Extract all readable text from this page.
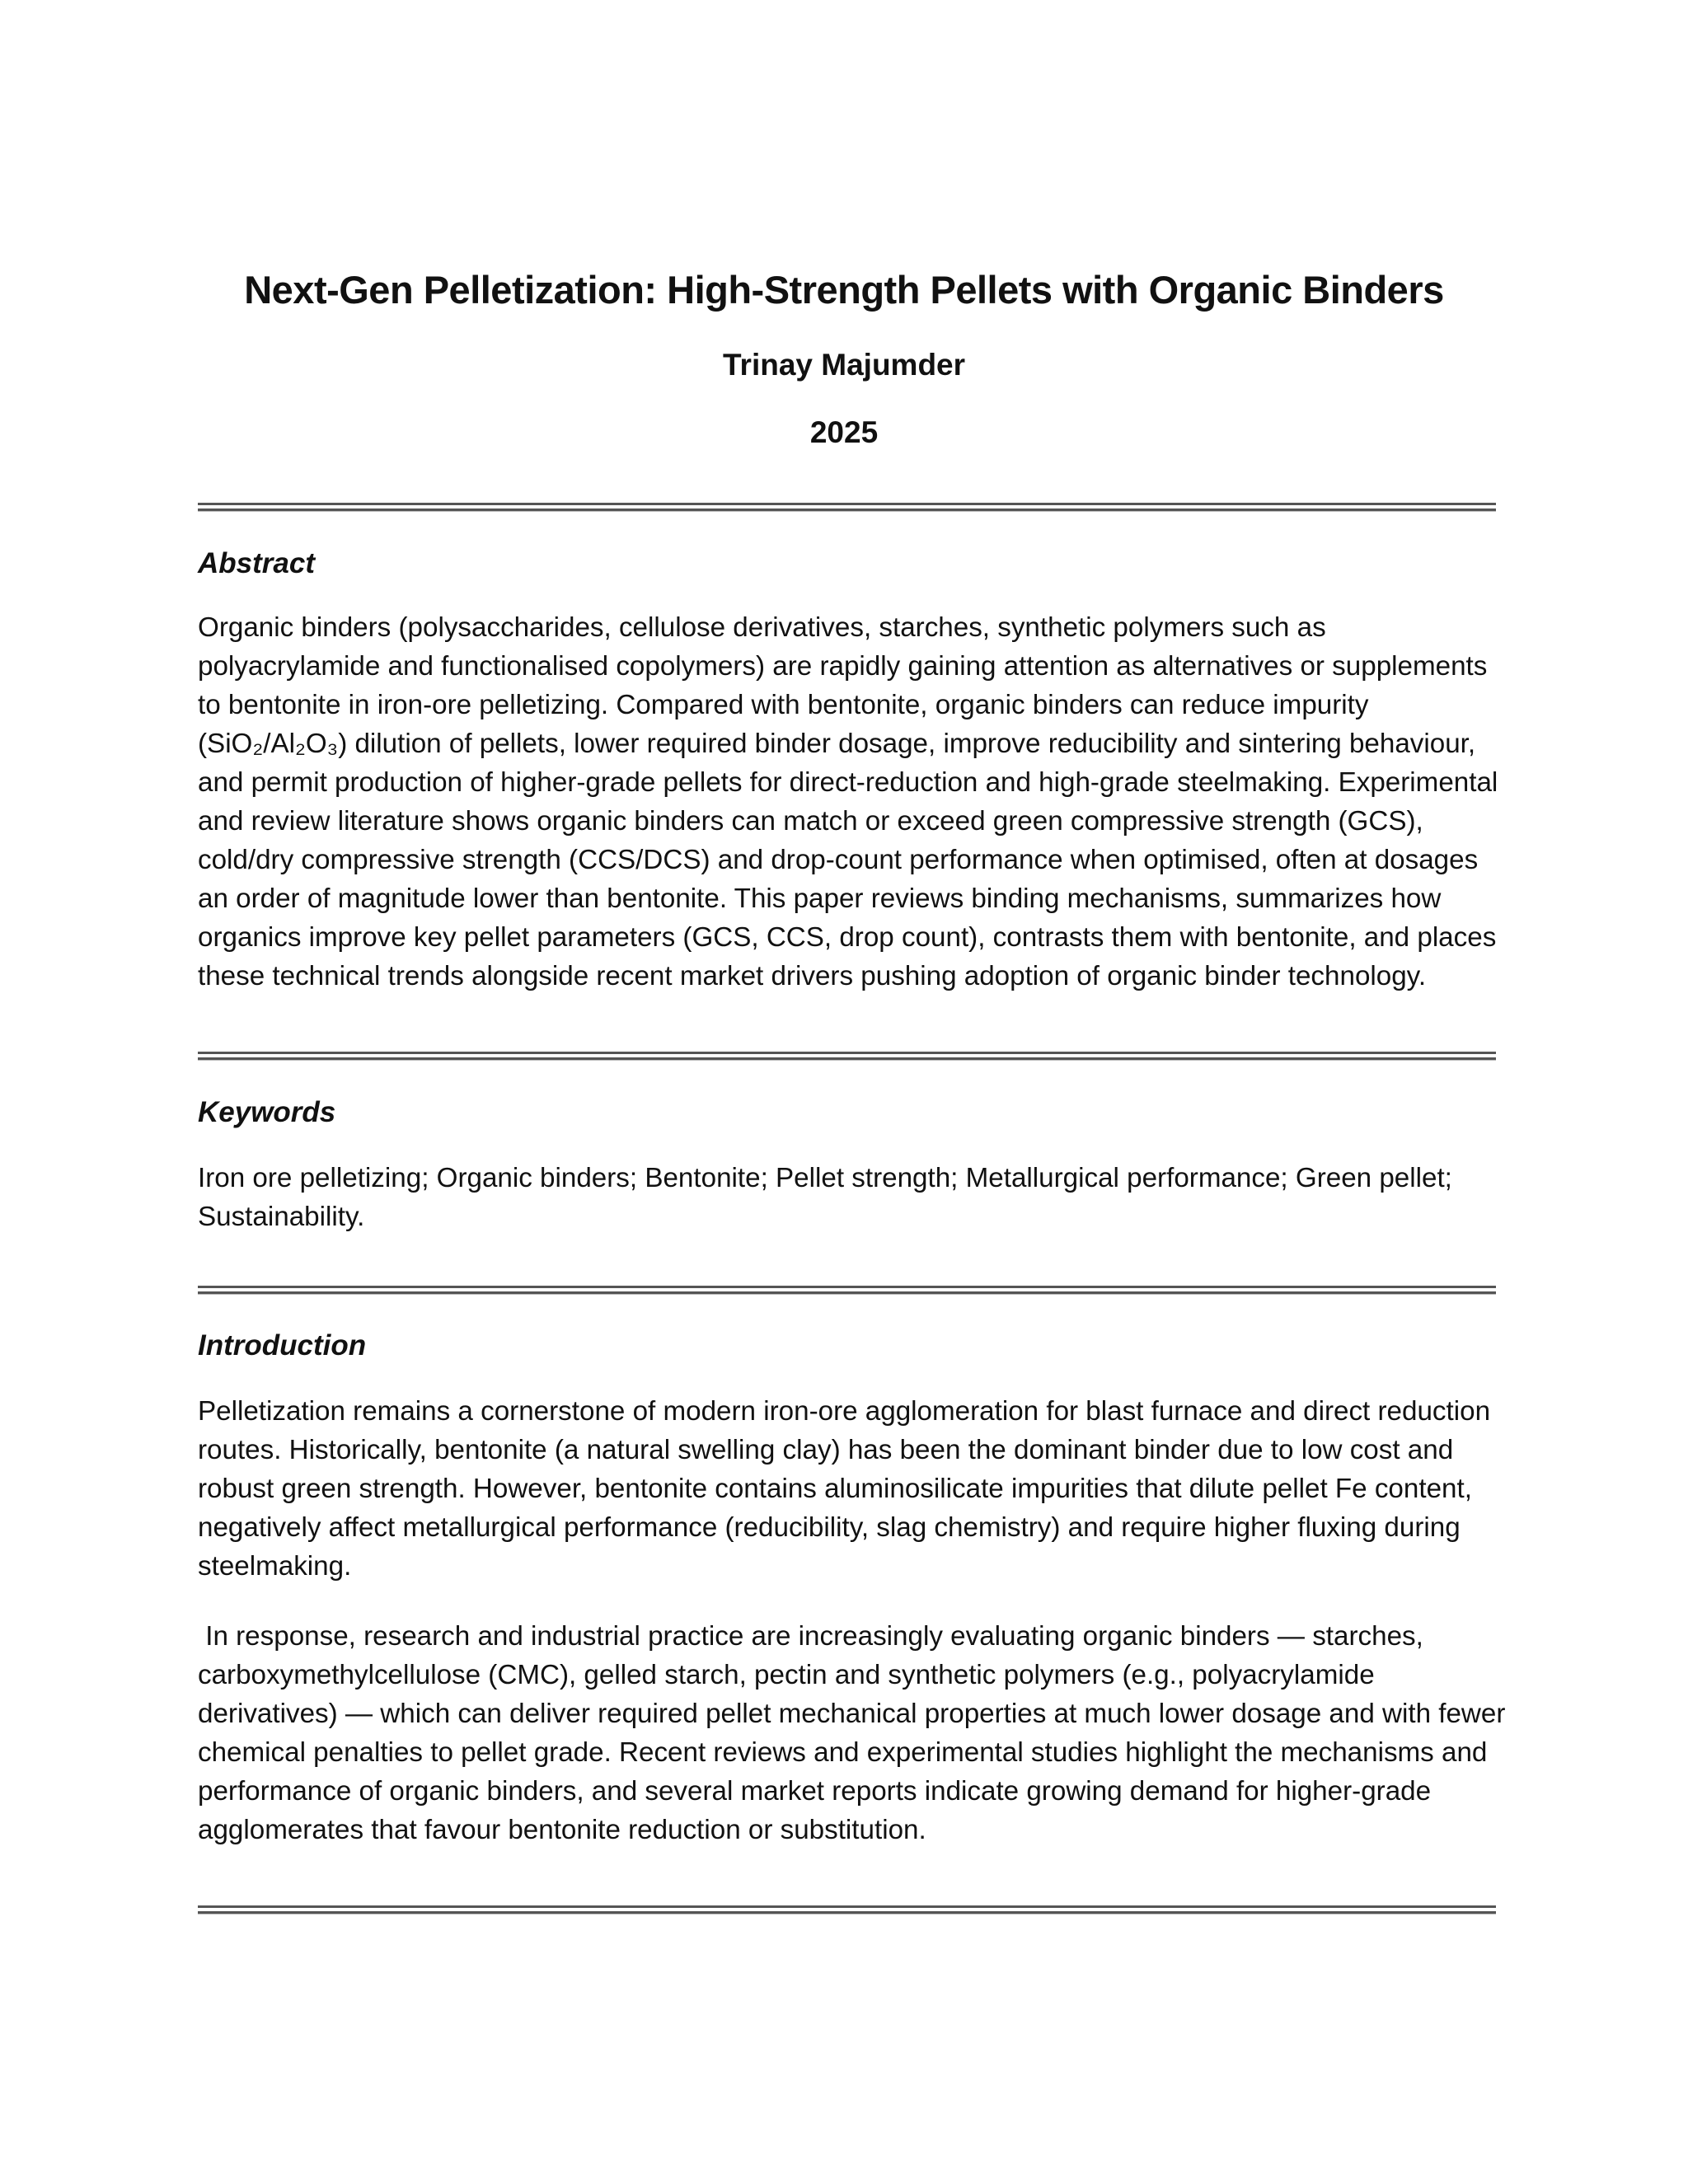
Next-Gen Pelletization: High-Strength Pellets with Organic Binders
Trinay Majumder
2025
Abstract

Organic binders (polysaccharides, cellulose derivatives, starches, synthetic polymers such as polyacrylamide and functionalised copolymers) are rapidly gaining attention as alternatives or supplements to bentonite in iron-ore pelletizing. Compared with bentonite, organic binders can reduce impurity (SiO₂/Al₂O₃) dilution of pellets, lower required binder dosage, improve reducibility and sintering behaviour, and permit production of higher-grade pellets for direct-reduction and high-grade steelmaking. Experimental and review literature shows organic binders can match or exceed green compressive strength (GCS), cold/dry compressive strength (CCS/DCS) and drop-count performance when optimised, often at dosages an order of magnitude lower than bentonite. This paper reviews binding mechanisms, summarizes how organics improve key pellet parameters (GCS, CCS, drop count), contrasts them with bentonite, and places these technical trends alongside recent market drivers pushing adoption of organic binder technology.

Keywords

Iron ore pelletizing; Organic binders; Bentonite; Pellet strength; Metallurgical performance; Green pellet; Sustainability.

Introduction

Pelletization remains a cornerstone of modern iron-ore agglomeration for blast furnace and direct reduction routes. Historically, bentonite (a natural swelling clay) has been the dominant binder due to low cost and robust green strength. However, bentonite contains aluminosilicate impurities that dilute pellet Fe content, negatively affect metallurgical performance (reducibility, slag chemistry) and require higher fluxing during steelmaking.

In response, research and industrial practice are increasingly evaluating organic binders — starches, carboxymethylcellulose (CMC), gelled starch, pectin and synthetic polymers (e.g., polyacrylamide derivatives) — which can deliver required pellet mechanical properties at much lower dosage and with fewer chemical penalties to pellet grade. Recent reviews and experimental studies highlight the mechanisms and performance of organic binders, and several market reports indicate growing demand for higher-grade agglomerates that favour bentonite reduction or substitution.
